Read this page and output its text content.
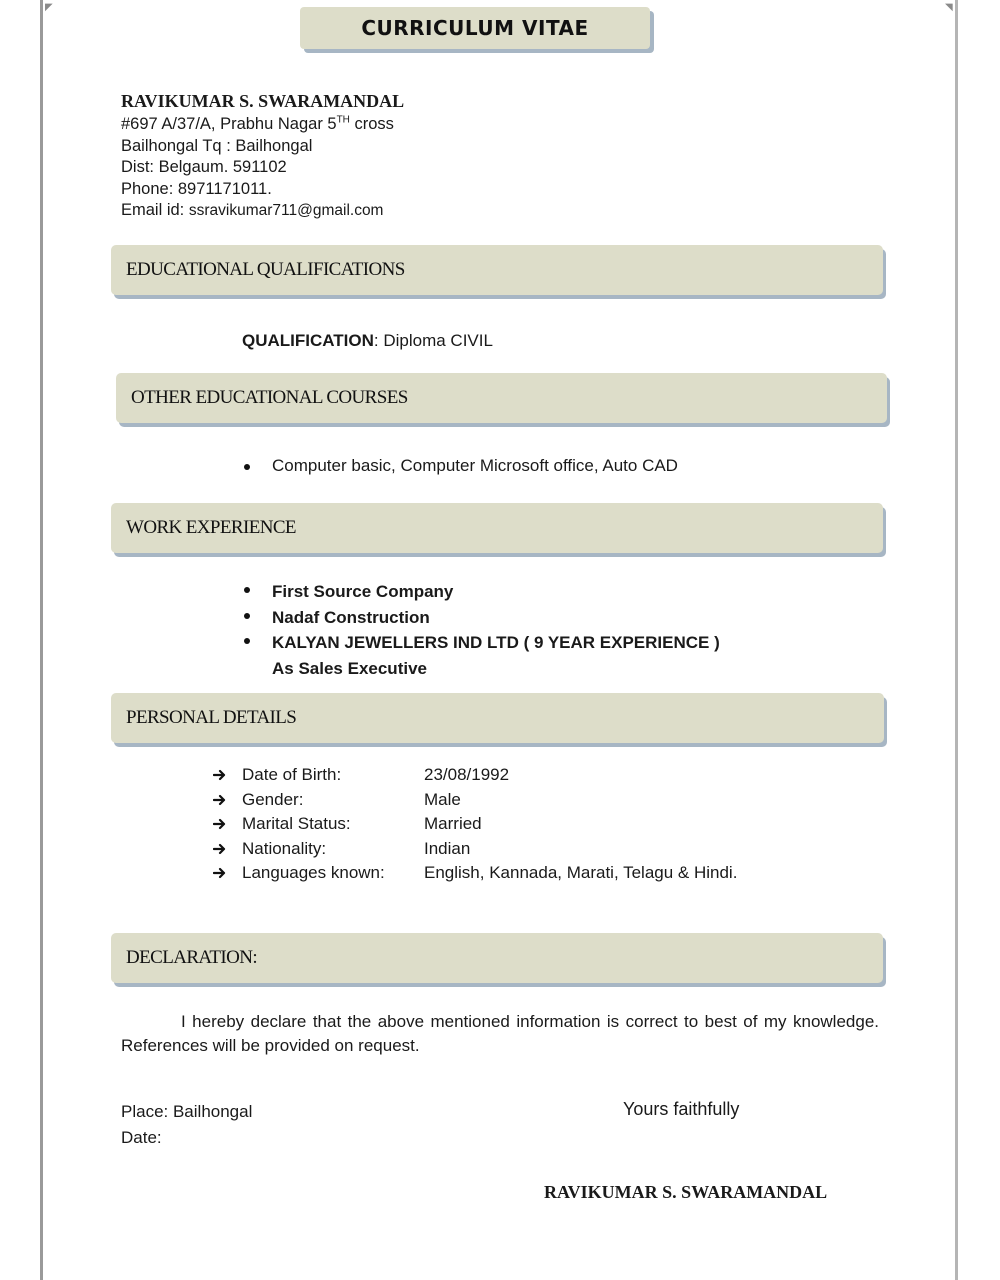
◤	◥
CURRICULUM VITAE
RAVIKUMAR S. SWARAMANDAL
#697 A/37/A, Prabhu Nagar 5TH cross
Bailhongal Tq : Bailhongal
Dist: Belgaum. 591102
Phone: 8971171011.
Email id: ssravikumar711@gmail.com
EDUCATIONAL QUALIFICATIONS
QUALIFICATION: Diploma CIVIL
OTHER EDUCATIONAL COURSES
Computer basic, Computer Microsoft office, Auto CAD
WORK EXPERIENCE
First Source Company
Nadaf Construction
KALYAN JEWELLERS IND LTD ( 9 YEAR EXPERIENCE )
As Sales Executive
PERSONAL DETAILS
Date of Birth:	23/08/1992
Gender:	Male
Marital Status:	Married
Nationality:	Indian
Languages known:	English, Kannada, Marati, Telagu & Hindi.
DECLARATION:
I hereby declare that the above mentioned information is correct to best of my knowledge. References will be provided on request.
Place: Bailhongal
Date:
Yours faithfully
RAVIKUMAR S. SWARAMANDAL
